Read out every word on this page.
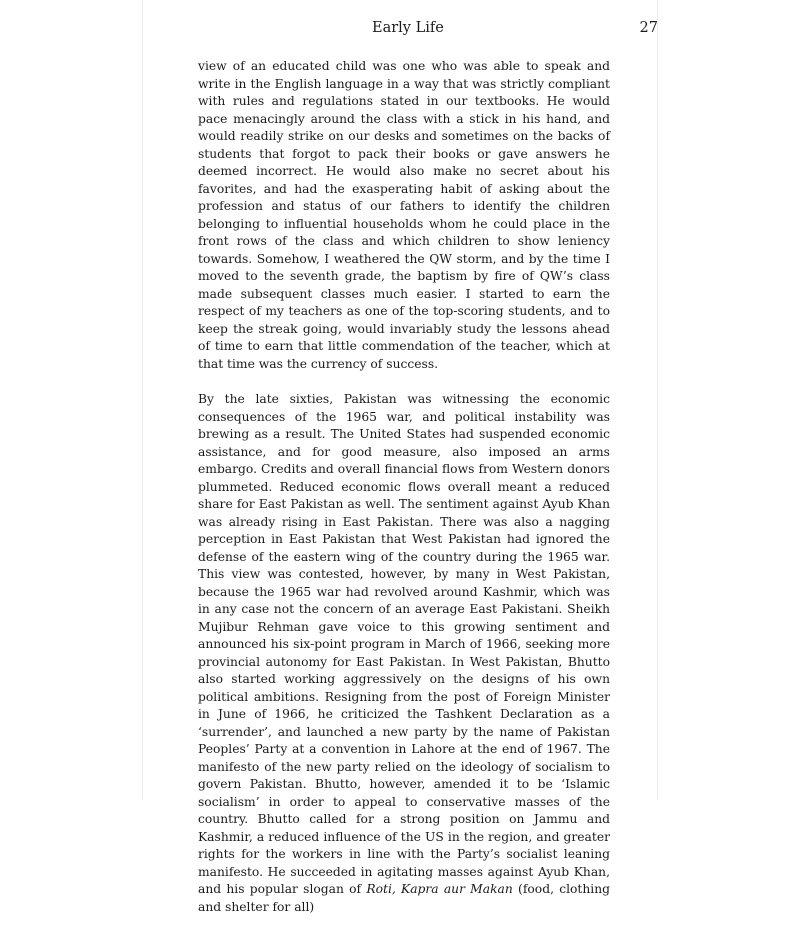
Early Life	27

view of an educated child was one who was able to speak and write in the English language in a way that was strictly compliant with rules and regulations stated in our textbooks. He would pace menacingly around the class with a stick in his hand, and would readily strike on our desks and sometimes on the backs of students that forgot to pack their books or gave answers he deemed incorrect. He would also make no secret about his favorites, and had the exasperating habit of asking about the profession and status of our fathers to identify the children belonging to influential households whom he could place in the front rows of the class and which children to show leniency towards. Somehow, I weathered the QW storm, and by the time I moved to the seventh grade, the baptism by fire of QW’s class made subsequent classes much easier. I started to earn the respect of my teachers as one of the top-scoring students, and to keep the streak going, would invariably study the lessons ahead of time to earn that little commendation of the teacher, which at that time was the currency of success.

By the late sixties, Pakistan was witnessing the economic consequences of the 1965 war, and political instability was brewing as a result. The United States had suspended economic assistance, and for good measure, also imposed an arms embargo. Credits and overall financial flows from Western donors plummeted. Reduced economic flows overall meant a reduced share for East Pakistan as well. The sentiment against Ayub Khan was already rising in East Pakistan. There was also a nagging perception in East Pakistan that West Pakistan had ignored the defense of the eastern wing of the country during the 1965 war. This view was contested, however, by many in West Pakistan, because the 1965 war had revolved around Kashmir, which was in any case not the concern of an average East Pakistani. Sheikh Mujibur Rehman gave voice to this growing sentiment and announced his six-point program in March of 1966, seeking more provincial autonomy for East Pakistan. In West Pakistan, Bhutto also started working aggressively on the designs of his own political ambitions. Resigning from the post of Foreign Minister in June of 1966, he criticized the Tashkent Declaration as a ‘surrender’, and launched a new party by the name of Pakistan Peoples’ Party at a convention in Lahore at the end of 1967. The manifesto of the new party relied on the ideology of socialism to govern Pakistan. Bhutto, however, amended it to be ‘Islamic socialism’ in order to appeal to conservative masses of the country. Bhutto called for a strong position on Jammu and Kashmir, a reduced influence of the US in the region, and greater rights for the workers in line with the Party’s socialist leaning manifesto. He succeeded in agitating masses against Ayub Khan, and his popular slogan of Roti, Kapra aur Makan (food, clothing and shelter for all)
